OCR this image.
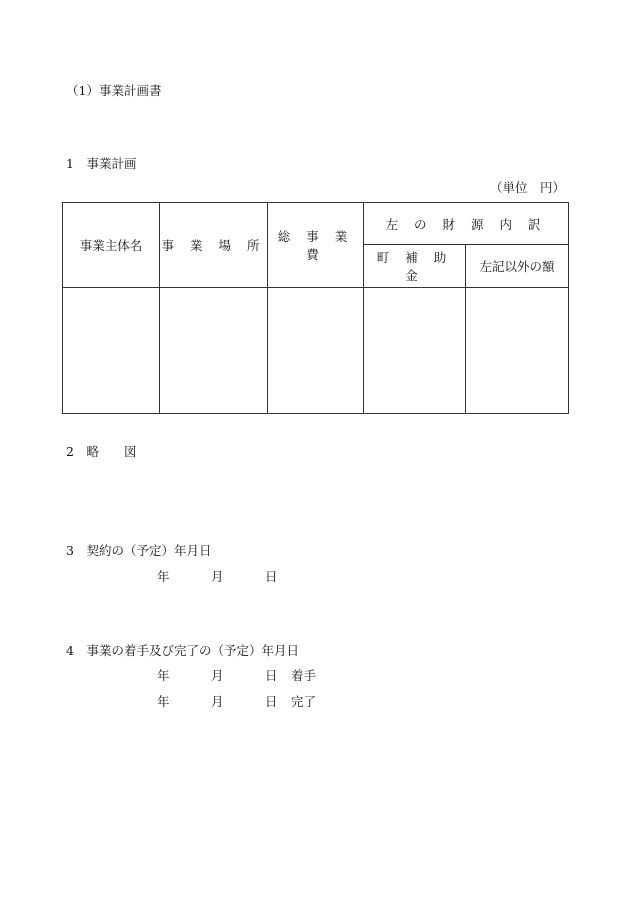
（1）事業計画書
1　事業計画
（単位　円）
事業主体名	事 業 場 所	総 事 業 費	左 の 財 源 内 訳	
			町 補 助 金	左記以外の額

2　略　　図
3　契約の（予定）年月日
年	月	日
4　事業の着手及び完了の（予定）年月日
年	月	日 着手
年	月	日 完了
